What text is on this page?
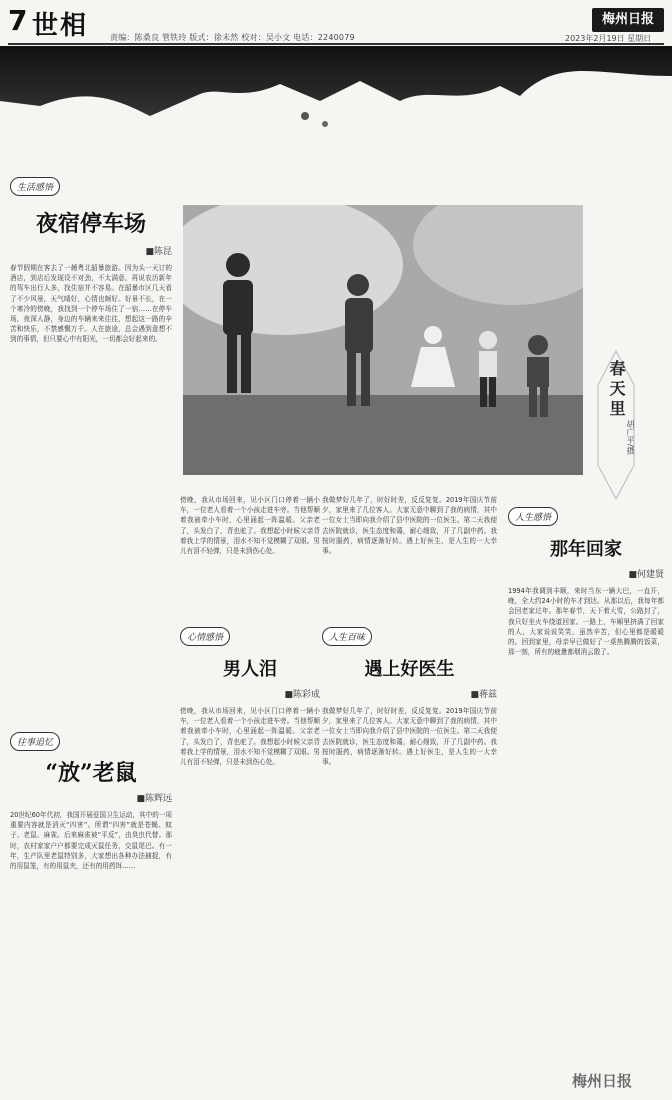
7 世相	责编：陈桑良 管铁玲 版式：徐未然 校对：吴小文 电话：2240079
梅州日报
2023年2月19日 星期日
生活感悟
夜宿停车场
■陈昆
春节假期在客去了一趟粤北韶暴旅游。因为头一天订的酒店，到店后发现设不对劲，不太满意，再说农历新年的驾车出行人多，找住宿并不容易。在韶暴市区几天看了不少风景，天气晴好，心情也颇好。好景不长，在一个寒冷的傍晚，我找到一个停车场住了一宿……在停车场，夜深人静，身边的车辆来来往往，想起这一路的辛苦和快乐，不禁感慨万千。人在旅途，总会遇到意想不到的事情，但只要心中有阳光，一切都会好起来的。
往事追忆
“放”老鼠
■陈辉远
20世纪60年代初，我国开展爱国卫生运动，其中的一项重要内容就是消灭“四害”。所谓“四害”就是苍蝇、蚊子、老鼠、麻雀。后来麻雀被“平反”，由臭虫代替。那时，农村家家户户都要完成灭鼠任务，交鼠尾巴。有一年，生产队里老鼠特别多，大家想出各种办法捕捉，有的用鼠笼，有的用鼠夹，还有的用药饵……
春天里
胡广平/摄
傍晚，我从市场回来，见小区门口停着一辆小车，一位老人看着一个小孩走进车旁。当他帮顺着我被牵小车时，心里涌起一阵温暖。父亲老了，头发白了，背也驼了。我想起小时候父亲背着我上学的情景，泪水不知不觉模糊了双眼。男儿有泪不轻弹，只是未到伤心处。
心情感悟
男人泪
■陈彩成
傍晚，我从市场回来，见小区门口停着一辆小车，一位老人看着一个小孩走进车旁。当他帮顺着我被牵小车时，心里涌起一阵温暖。父亲老了，头发白了，背也驼了。我想起小时候父亲背着我上学的情景，泪水不知不觉模糊了双眼。男儿有泪不轻弹，只是未到伤心处。
我做梦好几年了，时好时差，反反复复。2019年国庆节前夕，家里来了几位客人。大家无意中聊到了我的病情，其中一位女士当即向我介绍了县中医院的一位医生。第二天我便去医院就诊，医生态度和蔼，耐心细致，开了几副中药。我按时服药，病情逐渐好转。遇上好医生，是人生的一大幸事。
人生百味
遇上好医生
■蒋兹
我做梦好几年了，时好时差，反反复复。2019年国庆节前夕，家里来了几位客人。大家无意中聊到了我的病情，其中一位女士当即向我介绍了县中医院的一位医生。第二天我便去医院就诊，医生态度和蔼，耐心细致，开了几副中药。我按时服药，病情逐渐好转。遇上好医生，是人生的一大幸事。
人生感悟
那年回家
■何建贤
1994年我调到丰顺，来时当东一辆大巴，一直开，晚，全大约24小时的车才到达。从那以后，我每年都会回老家过年。那年春节，天下着大雪，公路封了，我只好坐火车绕道回家。一路上，车厢里挤满了回家的人，大家说说笑笑，虽然辛苦，但心里都是暖暖的。回到家里，母亲早已做好了一桌热腾腾的饭菜，那一刻，所有的疲惫都烟消云散了。
梅州日报
